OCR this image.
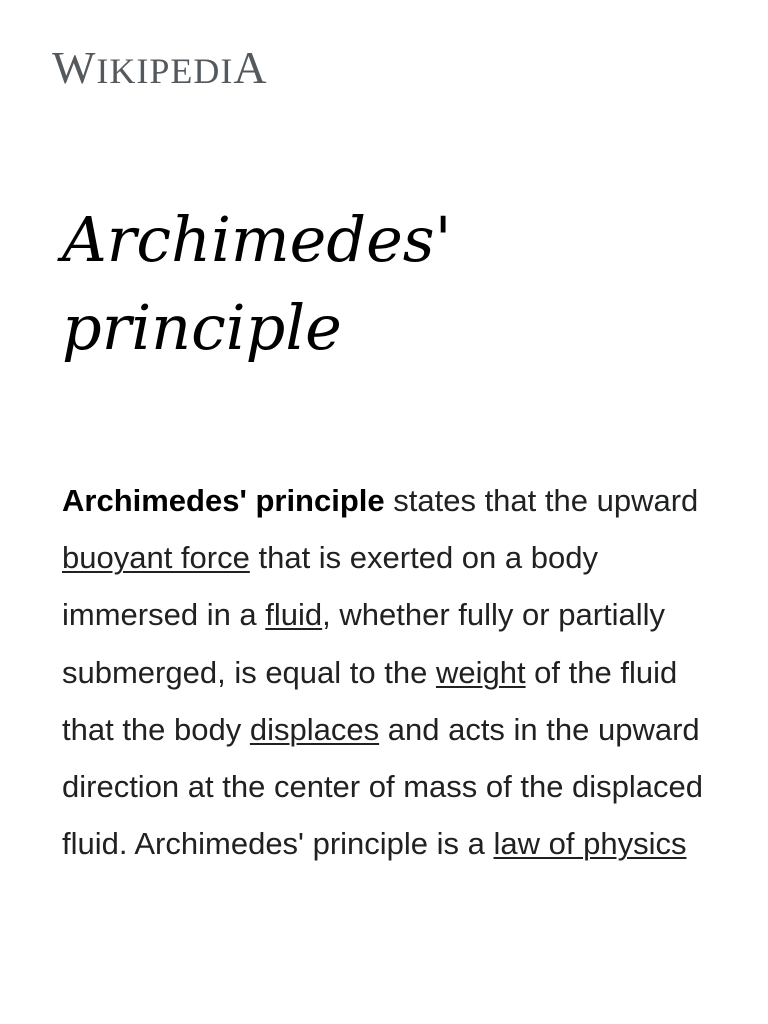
WIKIPEDIA
Archimedes' principle

Archimedes' principle states that the upward buoyant force that is exerted on a body immersed in a fluid, whether fully or partially submerged, is equal to the weight of the fluid that the body displaces and acts in the upward direction at the center of mass of the displaced fluid. Archimedes' principle is a law of physics
